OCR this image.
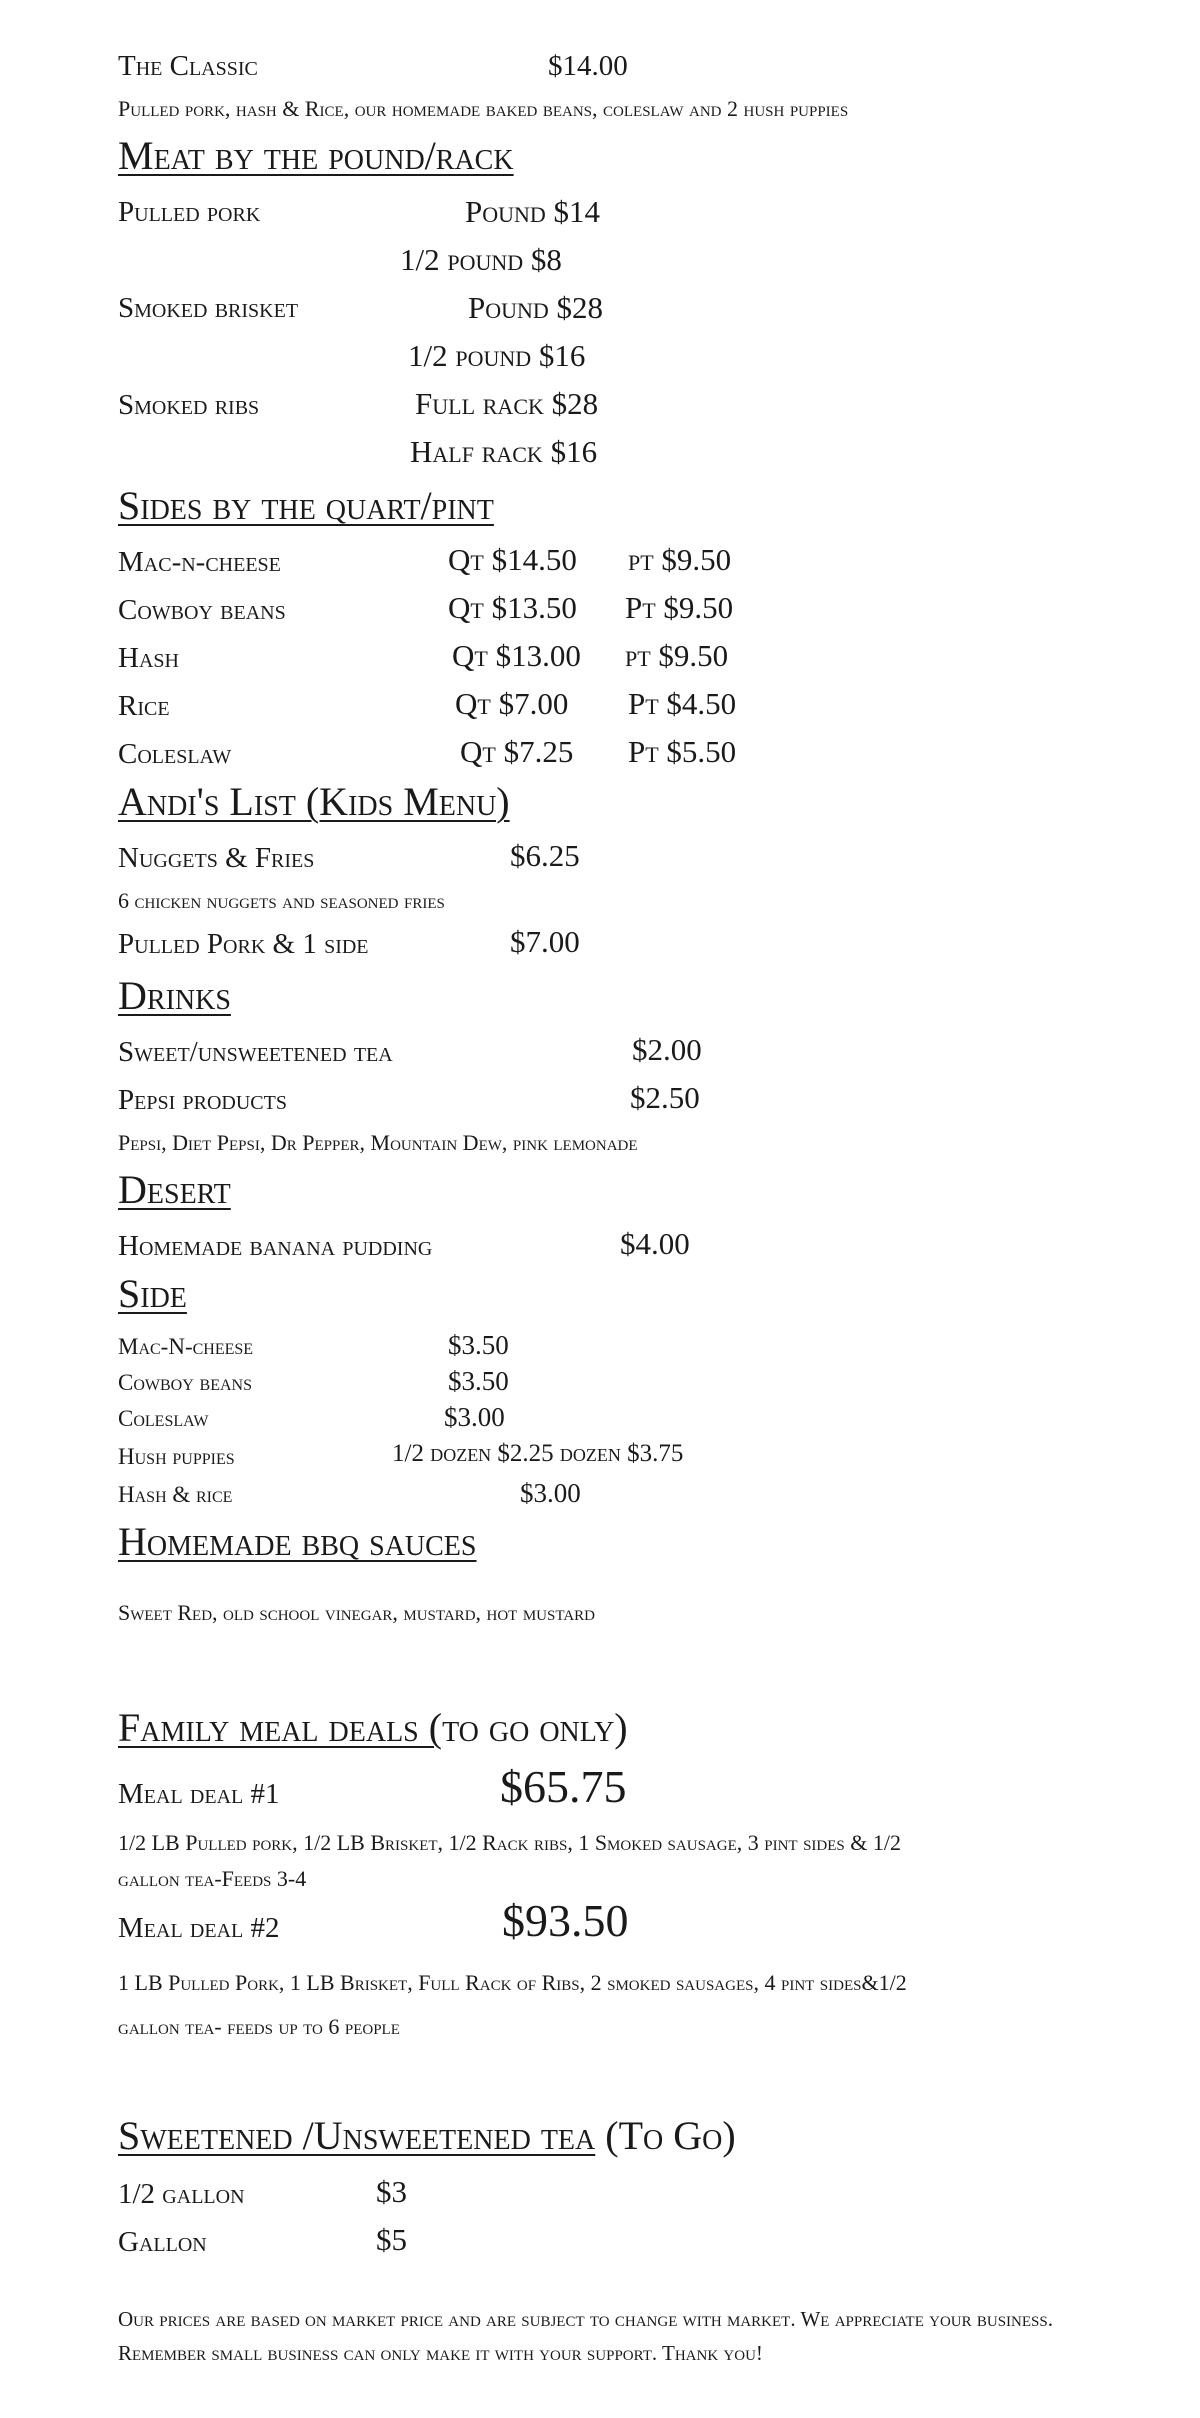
The Classic	$14.00
Pulled pork, hash & Rice, our homemade baked beans, coleslaw and 2 hush puppies
Meat by the pound/rack
Pulled pork	Pound $14
1/2 pound $8
Smoked brisket	Pound $28
1/2 pound $16
Smoked ribs	Full rack $28
Half rack $16
Sides by the quart/pint
Mac-n-cheese	Qt $14.50 pt $9.50
Cowboy beans	Qt $13.50 Pt $9.50
Hash	Qt $13.00 pt $9.50
Rice	Qt $7.00 Pt $4.50
Coleslaw	Qt $7.25 Pt $5.50
Andi's List (Kids Menu)
Nuggets & Fries	$6.25
6 chicken nuggets and seasoned fries
Pulled Pork & 1 side	$7.00
Drinks
Sweet/unsweetened tea	$2.00
Pepsi products	$2.50
Pepsi, Diet Pepsi, Dr Pepper, Mountain Dew, pink lemonade
Desert
Homemade banana pudding	$4.00
Side
Mac-N-cheese	$3.50
Cowboy beans	$3.50
Coleslaw	$3.00
Hush puppies	1/2 dozen $2.25 dozen $3.75
Hash & rice	$3.00
Homemade bbq sauces
Sweet Red, old school vinegar, mustard, hot mustard
Family meal deals (to go only)
Meal deal #1	$65.75
1/2 LB Pulled pork, 1/2 LB Brisket, 1/2 Rack ribs, 1 Smoked sausage, 3 pint sides & 1/2
gallon tea-Feeds 3-4
Meal deal #2	$93.50
1 LB Pulled Pork, 1 LB Brisket, Full Rack of Ribs, 2 smoked sausages, 4 pint sides&1/2
gallon tea- feeds up to 6 people
Sweetened /Unsweetened tea (To Go)
1/2 gallon	$3
Gallon	$5
Our prices are based on market price and are subject to change with market. We appreciate your business. Remember small business can only make it with your support. Thank you!
